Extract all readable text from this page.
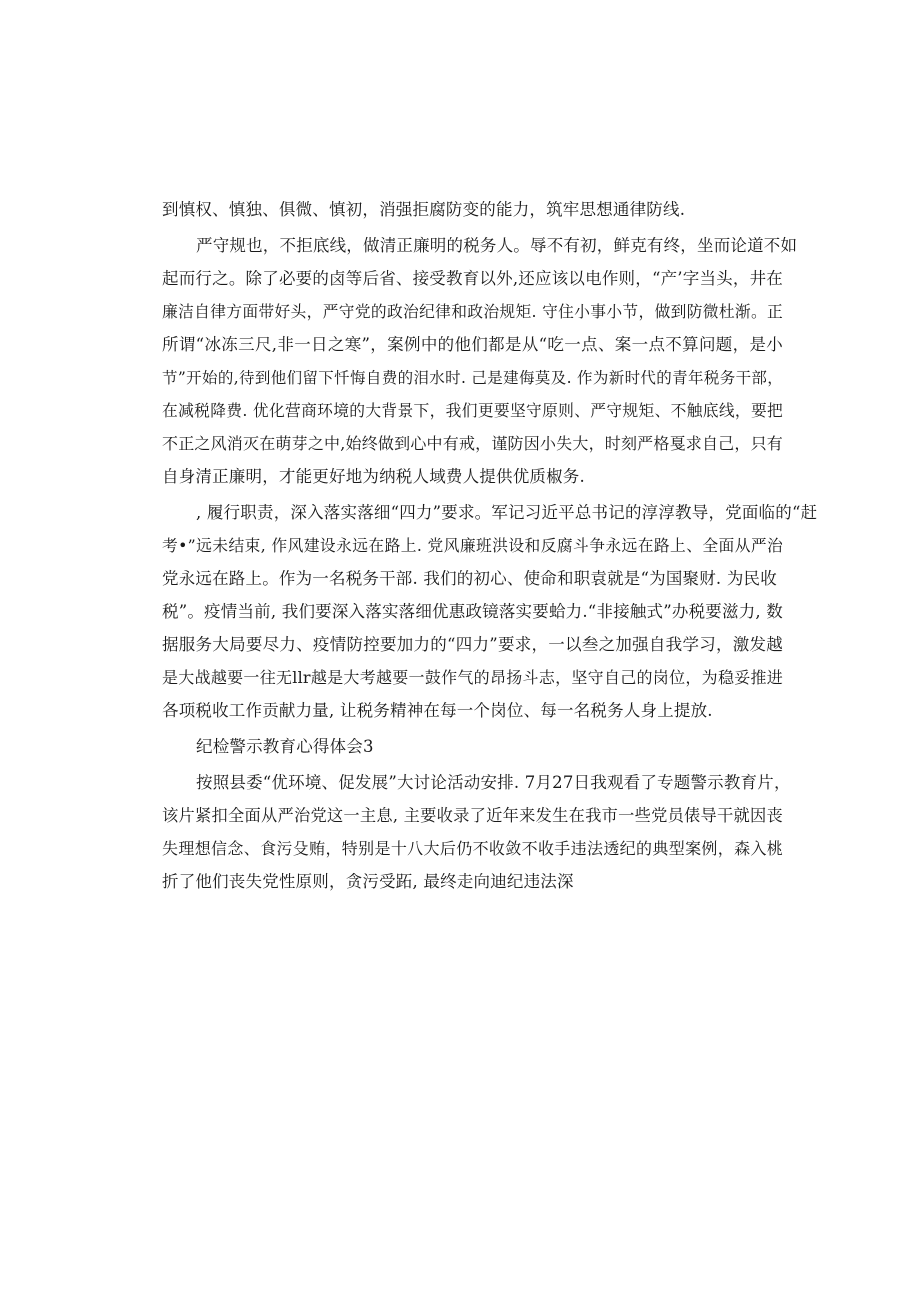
到慎权、慎独、俱微、慎初，消强拒腐防变的能力，筑牢思想通律防线.

严守规也，不拒底线，做清正廉明的税务人。辱不有初，鲜克有终，坐而论道不如

起而行之。除了必要的卤等后省、接受教育以外,还应该以电作则，“产’字当头，井在

廉洁自律方面带好头，严守党的政治纪律和政治规矩. 守住小事小节，做到防微杜渐。正

所谓“冰冻三尺,非一日之寒”，案例中的他们都是从“吃一点、案一点不算问题，是小

节”开始的,待到他们留下忏悔自费的泪水时. 己是建侮莫及. 作为新时代的青年税务干部，

在减税降费. 优化营商环境的大背景下，我们更要坚守原则、严守规矩、不触底线，要把

不正之风消灭在萌芽之中,始终做到心中有戒，谨防因小失大，时刻严格戛求自己，只有

自身清正廉明，才能更好地为纳税人域费人提供优质椒务.

, 履行职责，深入落实落细“四力”要求。军记习近平总书记的淳淳教导，党面临的“赶

考•”远未结束, 作风建设永远在路上. 党风廉班洪设和反腐斗争永远在路上、全面从严治

党永远在路上。作为一名税务干部. 我们的初心、使命和职袁就是“为国聚财. 为民收

税”。疫情当前, 我们要深入落实落细优惠政镜落实要蛤力.“非接触式”办税要滋力, 数

据服务大局要尽力、疫情防控要加力的“四力”要求，一以叁之加强自我学习，激发越

是大战越要一往无llr越是大考越要一鼓作气的昂扬斗志，坚守自己的岗位，为稳妥推进

各项税收工作贡献力量, 让税务精神在每一个岗位、每一名税务人身上提放.

纪检警示教育心得体会3

按照县委“优环境、促发展”大讨论活动安排. 7月27日我观看了专题警示教育片，

该片紧扣全面从严治党这一主息, 主要收录了近年来发生在我市一些党员俵导干就因丧

失理想信念、食污殳贿，特别是十八大后仍不收敛不收手违法透纪的典型案例，森入桃

折了他们丧失党性原则，贪污受跖, 最终走向迪纪违法深
